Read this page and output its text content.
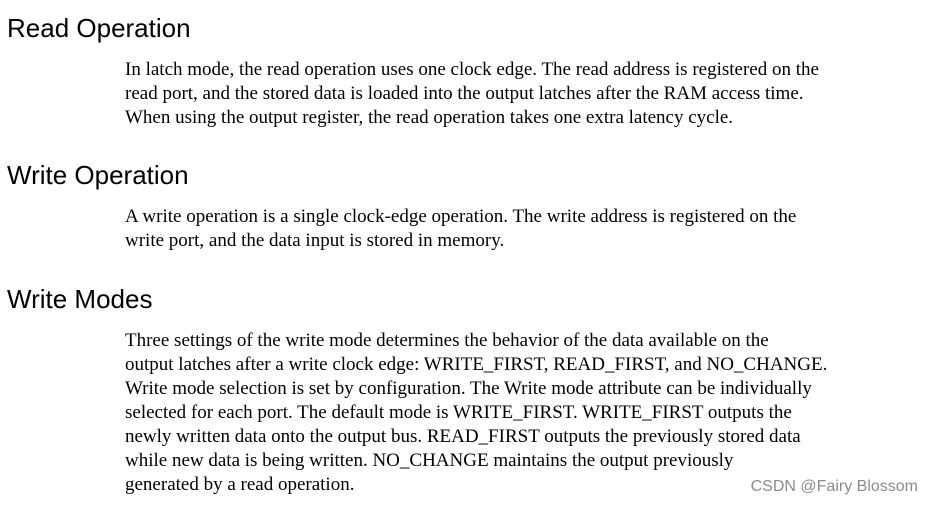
Read Operation

In latch mode, the read operation uses one clock edge. The read address is registered on the
read port, and the stored data is loaded into the output latches after the RAM access time.
When using the output register, the read operation takes one extra latency cycle.

Write Operation

A write operation is a single clock-edge operation. The write address is registered on the
write port, and the data input is stored in memory.

Write Modes

Three settings of the write mode determines the behavior of the data available on the
output latches after a write clock edge: WRITE_FIRST, READ_FIRST, and NO_CHANGE.
Write mode selection is set by configuration. The Write mode attribute can be individually
selected for each port. The default mode is WRITE_FIRST. WRITE_FIRST outputs the
newly written data onto the output bus. READ_FIRST outputs the previously stored data
while new data is being written. NO_CHANGE maintains the output previously
generated by a read operation.	CSDN @Fairy Blossom
